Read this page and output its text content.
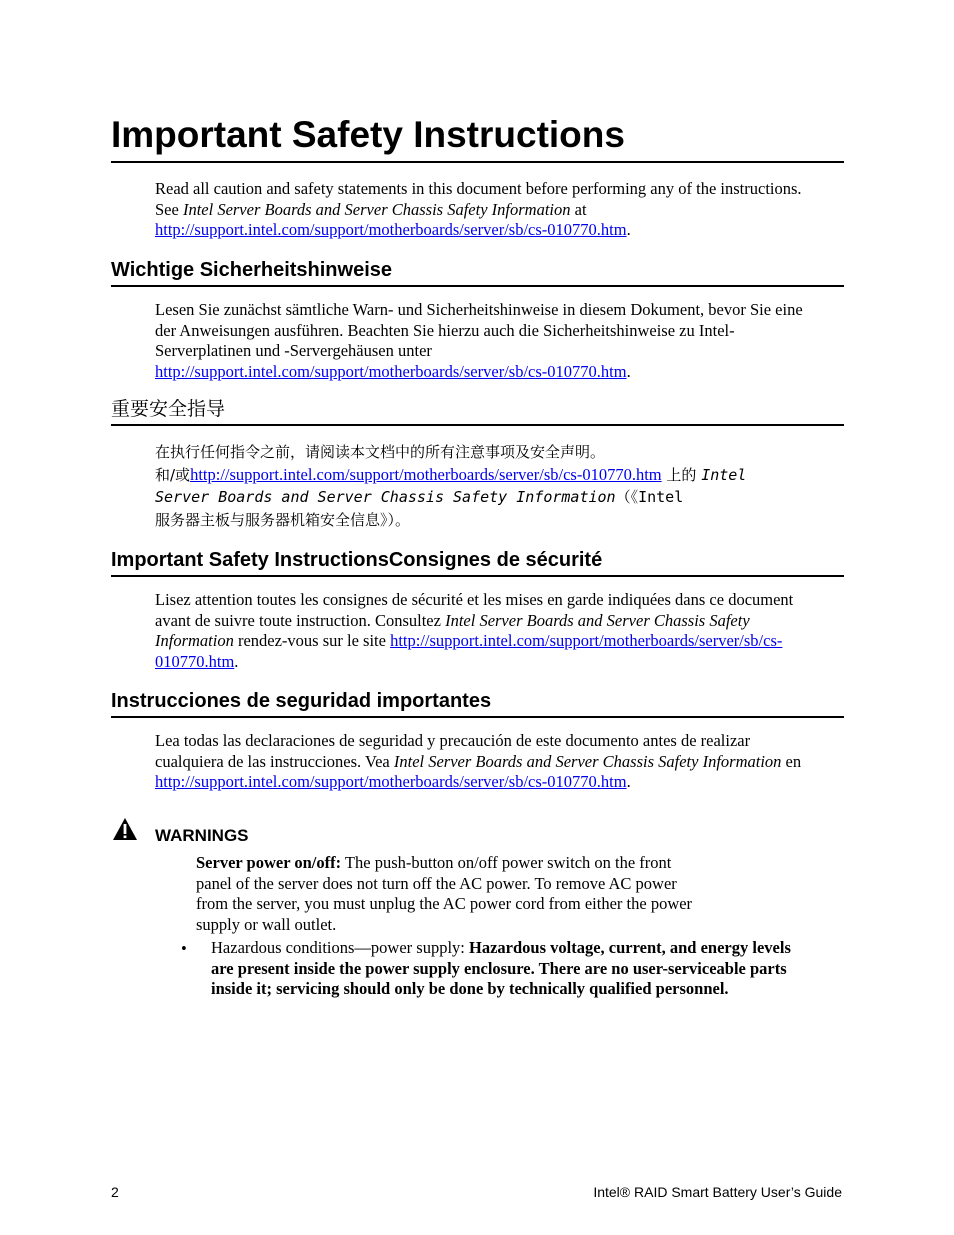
Important Safety Instructions
Read all caution and safety statements in this document before performing any of the instructions.
See Intel Server Boards and Server Chassis Safety Information at
http://support.intel.com/support/motherboards/server/sb/cs-010770.htm.
Wichtige Sicherheitshinweise
Lesen Sie zunächst sämtliche Warn- und Sicherheitshinweise in diesem Dokument, bevor Sie eine
der Anweisungen ausführen. Beachten Sie hierzu auch die Sicherheitshinweise zu Intel-
Serverplatinen und -Servergehäusen unter
http://support.intel.com/support/motherboards/server/sb/cs-010770.htm.
重要安全指导
在执行任何指令之前，请阅读本文档中的所有注意事项及安全声明。
和/或http://support.intel.com/support/motherboards/server/sb/cs-010770.htm 上的 Intel
Server Boards and Server Chassis Safety Information（《Intel
服务器主板与服务器机箱安全信息》）。
Important Safety InstructionsConsignes de sécurité
Lisez attention toutes les consignes de sécurité et les mises en garde indiquées dans ce document
avant de suivre toute instruction. Consultez Intel Server Boards and Server Chassis Safety
Information rendez-vous sur le site http://support.intel.com/support/motherboards/server/sb/cs-
010770.htm.
Instrucciones de seguridad importantes
Lea todas las declaraciones de seguridad y precaución de este documento antes de realizar
cualquiera de las instrucciones. Vea Intel Server Boards and Server Chassis Safety Information en
http://support.intel.com/support/motherboards/server/sb/cs-010770.htm.
WARNINGS
Server power on/off: The push-button on/off power switch on the front
panel of the server does not turn off the AC power. To remove AC power
from the server, you must unplug the AC power cord from either the power
supply or wall outlet.
• Hazardous conditions—power supply: Hazardous voltage, current, and energy levels
are present inside the power supply enclosure. There are no user-serviceable parts
inside it; servicing should only be done by technically qualified personnel.
2	Intel® RAID Smart Battery User’s Guide
